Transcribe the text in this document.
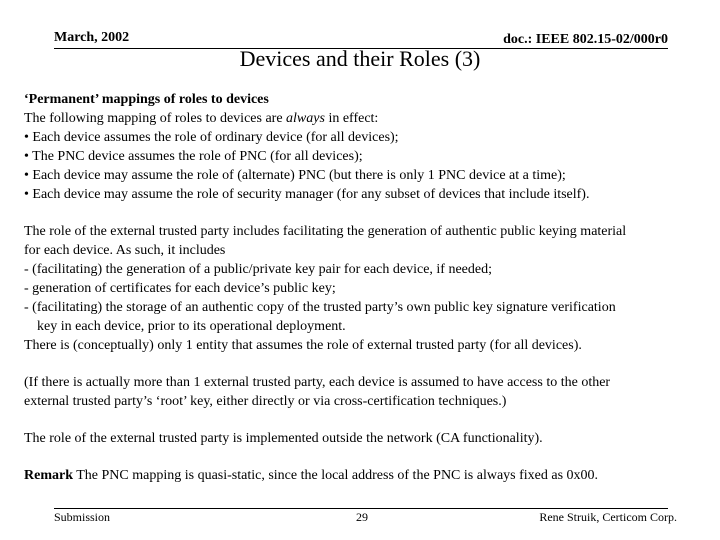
March, 2002	doc.: IEEE 802.15-02/000r0
Devices and their Roles (3)

‘Permanent’ mappings of roles to devices
The following mapping of roles to devices are always in effect:
• Each device assumes the role of ordinary device (for all devices);
• The PNC device assumes the role of PNC (for all devices);
• Each device may assume the role of (alternate) PNC (but there is only 1 PNC device at a time);
• Each device may assume the role of security manager (for any subset of devices that include itself).

The role of the external trusted party includes facilitating the generation of authentic public keying material
for each device. As such, it includes
- (facilitating) the generation of a public/private key pair for each device, if needed;
- generation of certificates for each device’s public key;
- (facilitating) the storage of an authentic copy of the trusted party’s own public key signature verification
key in each device, prior to its operational deployment.
There is (conceptually) only 1 entity that assumes the role of external trusted party (for all devices).

(If there is actually more than 1 external trusted party, each device is assumed to have access to the other
external trusted party’s ‘root’ key, either directly or via cross-certification techniques.)

The role of the external trusted party is implemented outside the network (CA functionality).

Remark The PNC mapping is quasi-static, since the local address of the PNC is always fixed as 0x00.

Submission	29	Rene Struik, Certicom Corp.
